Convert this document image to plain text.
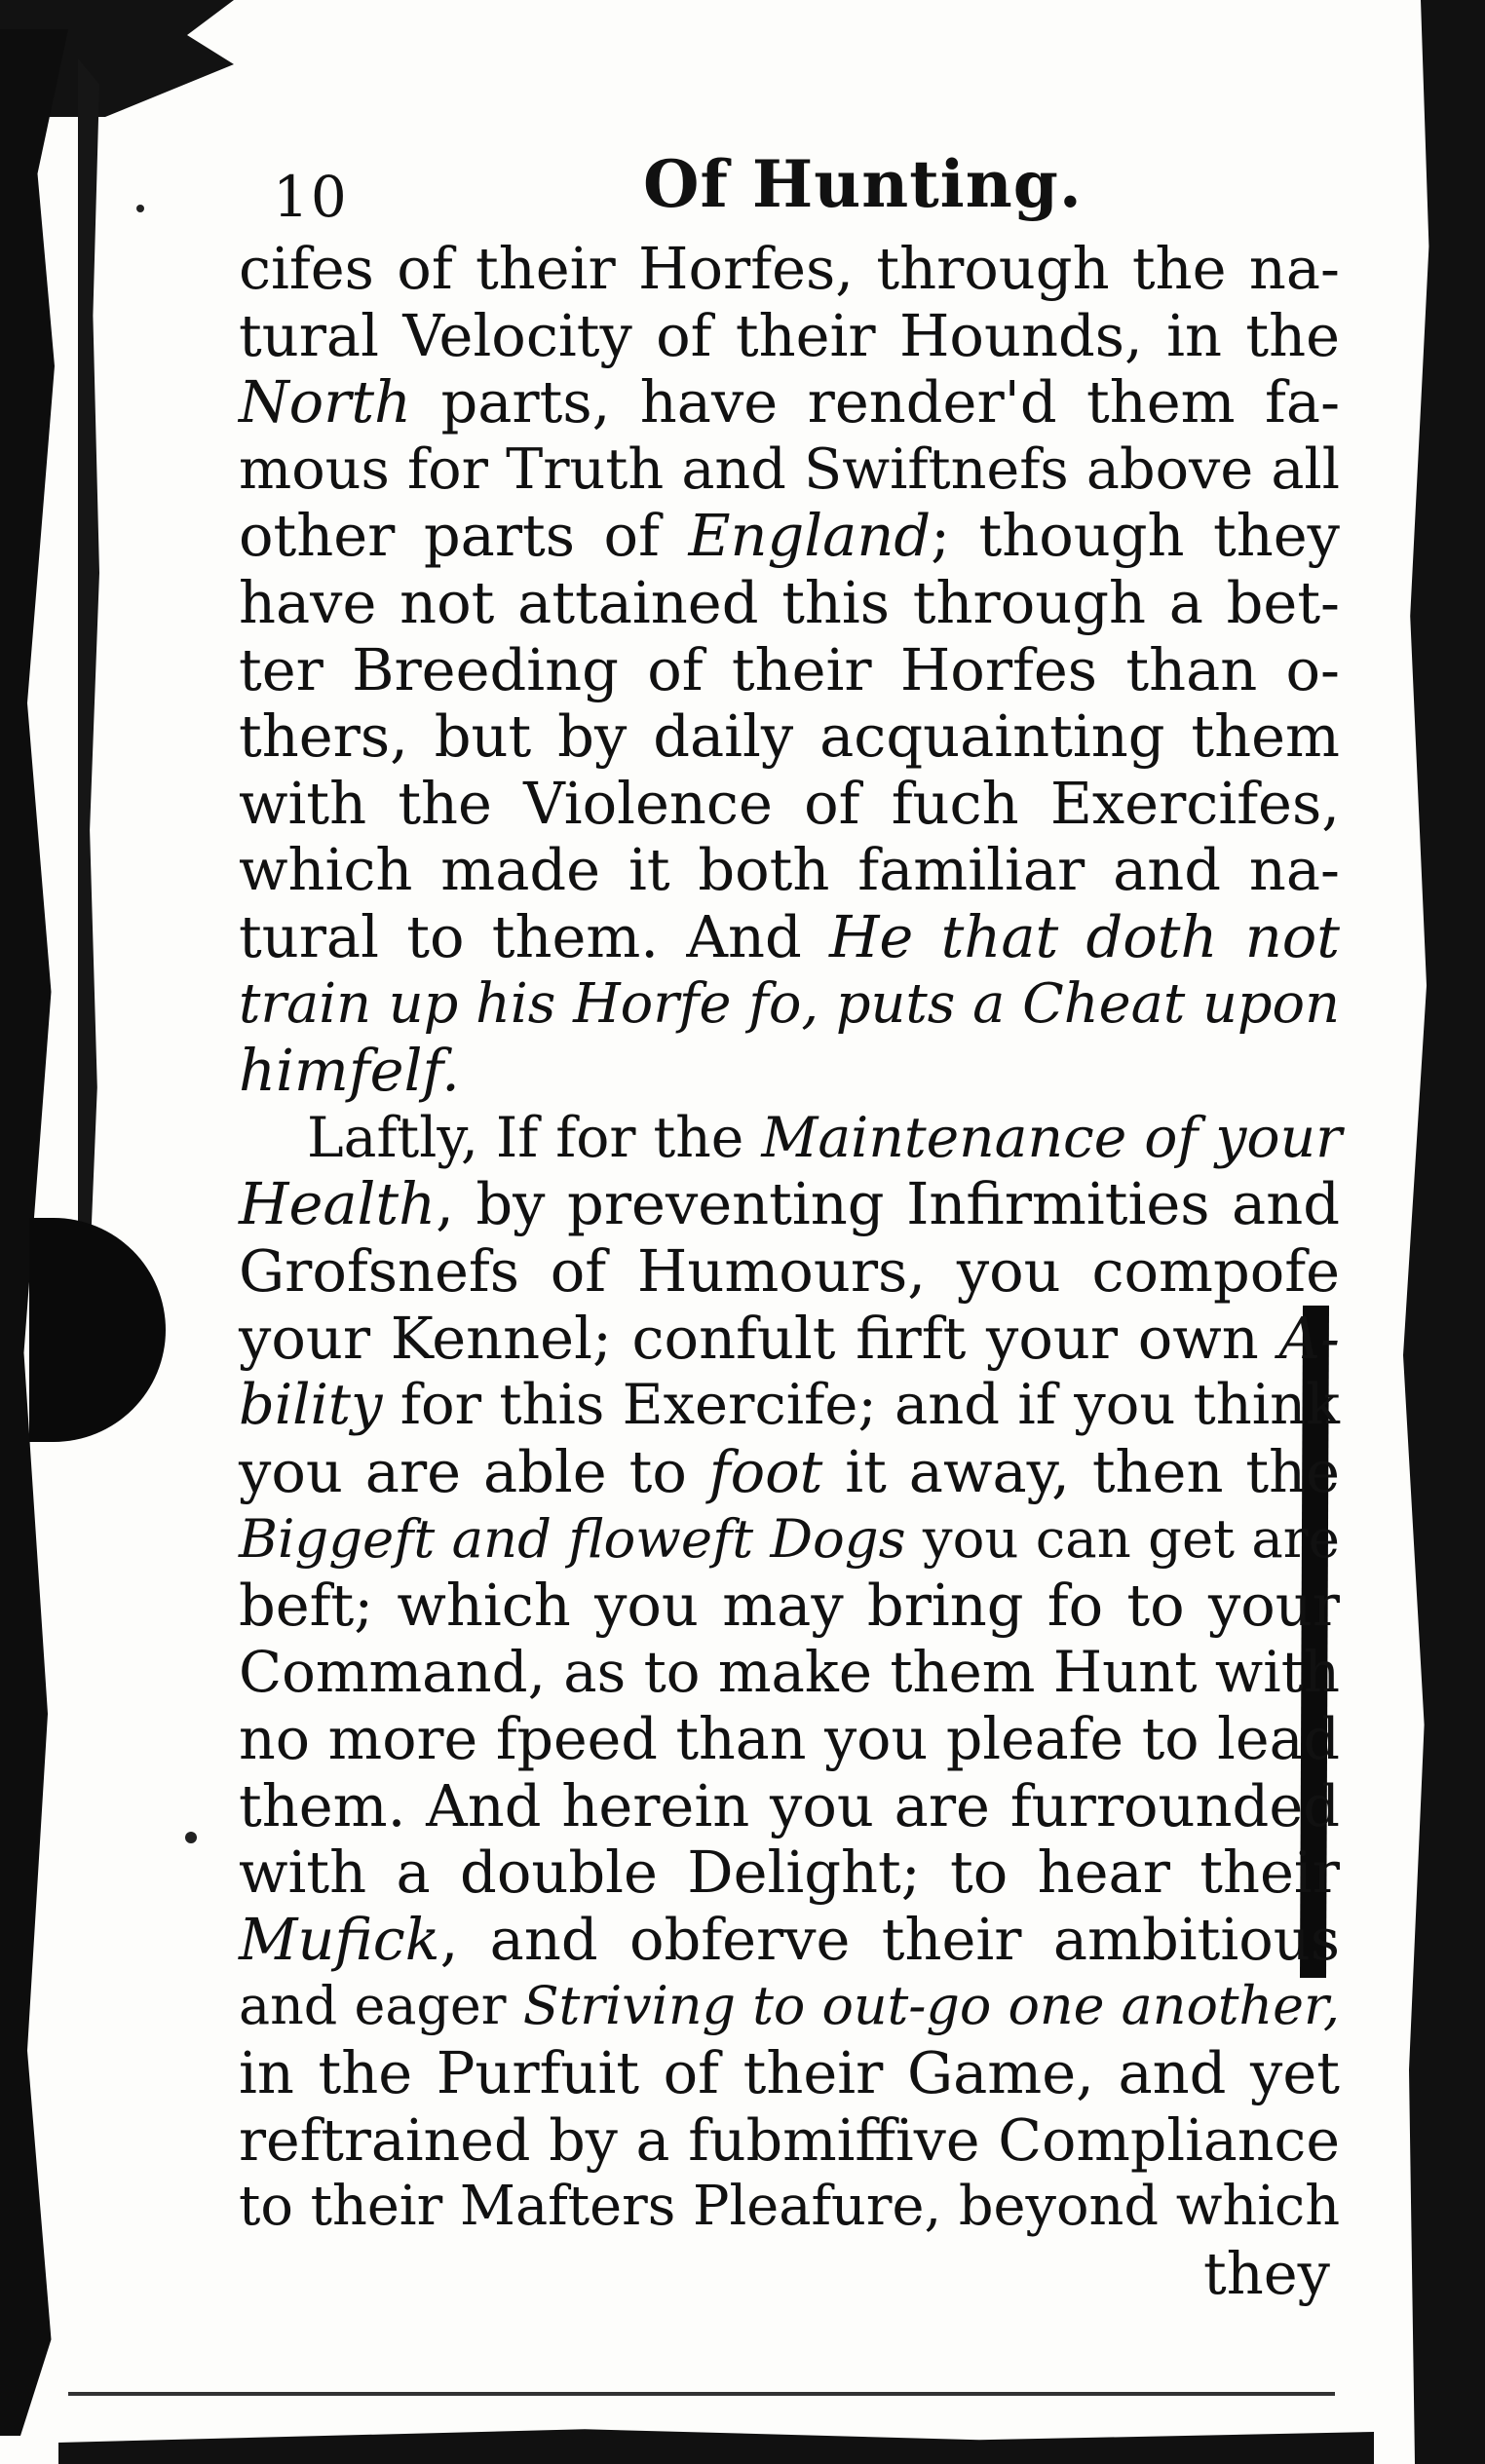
10	Of Hunting.
cifes of their Horfes, through the na-
tural Velocity of their Hounds, in the
North parts, have render'd them fa-
mous for Truth and Swiftnefs above all
other parts of England; though they
have not attained this through a bet-
ter Breeding of their Horfes than o-
thers, but by daily acquainting them
with the Violence of fuch Exercifes,
which made it both familiar and na-
tural to them. And He that doth not
train up his Horfe fo, puts a Cheat upon
himfelf.
Laftly, If for the Maintenance of your
Health, by preventing Infirmities and
Grofsnefs of Humours, you compofe
your Kennel; confult firft your own A-
bility for this Exercife; and if you think
you are able to foot it away, then the
Biggeft and floweft Dogs you can get are
beft; which you may bring fo to your
Command, as to make them Hunt with
no more fpeed than you pleafe to lead
them. And herein you are furrounded
with a double Delight; to hear their
Mufick, and obferve their ambitious
and eager Striving to out-go one another,
in the Purfuit of their Game, and yet
reftrained by a fubmiffive Compliance
to their Mafters Pleafure, beyond which
they
